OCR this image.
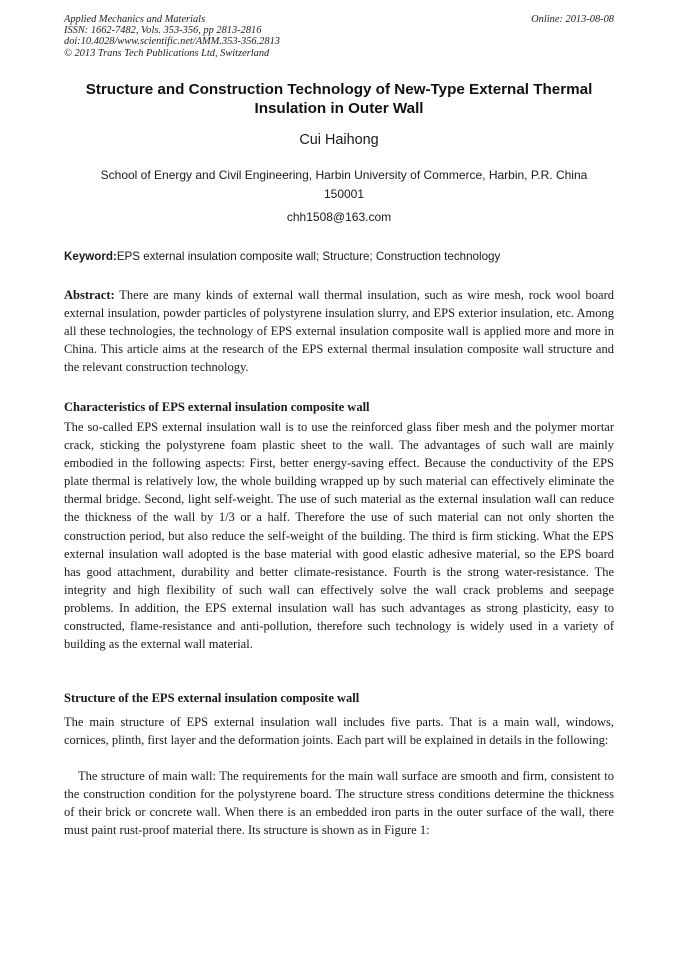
Applied Mechanics and Materials
ISSN: 1662-7482, Vols. 353-356, pp 2813-2816
doi:10.4028/www.scientific.net/AMM.353-356.2813
© 2013 Trans Tech Publications Ltd, Switzerland
Online: 2013-08-08
Structure and Construction Technology of New-Type External Thermal Insulation in Outer Wall
Cui Haihong
School of Energy and Civil Engineering, Harbin University of Commerce, Harbin, P.R. China 150001
chh1508@163.com
Keyword:EPS external insulation composite wall; Structure; Construction technology

Abstract: There are many kinds of external wall thermal insulation, such as wire mesh, rock wool board external insulation, powder particles of polystyrene insulation slurry, and EPS exterior insulation, etc. Among all these technologies, the technology of EPS external insulation composite wall is applied more and more in China. This article aims at the research of the EPS external thermal insulation composite wall structure and the relevant construction technology.

Characteristics of EPS external insulation composite wall

The so-called EPS external insulation wall is to use the reinforced glass fiber mesh and the polymer mortar crack, sticking the polystyrene foam plastic sheet to the wall. The advantages of such wall are mainly embodied in the following aspects: First, better energy-saving effect. Because the conductivity of the EPS plate thermal is relatively low, the whole building wrapped up by such material can effectively eliminate the thermal bridge. Second, light self-weight. The use of such material as the external insulation wall can reduce the thickness of the wall by 1/3 or a half. Therefore the use of such material can not only shorten the construction period, but also reduce the self-weight of the building. The third is firm sticking. What the EPS external insulation wall adopted is the base material with good elastic adhesive material, so the EPS board has good attachment, durability and better climate-resistance. Fourth is the strong water-resistance. The integrity and high flexibility of such wall can effectively solve the wall crack problems and seepage problems. In addition, the EPS external insulation wall has such advantages as strong plasticity, easy to constructed, flame-resistance and anti-pollution, therefore such technology is widely used in a variety of building as the external wall material.

Structure of the EPS external insulation composite wall

The main structure of EPS external insulation wall includes five parts. That is a main wall, windows, cornices, plinth, first layer and the deformation joints. Each part will be explained in details in the following:

The structure of main wall: The requirements for the main wall surface are smooth and firm, consistent to the construction condition for the polystyrene board. The structure stress conditions determine the thickness of their brick or concrete wall. When there is an embedded iron parts in the outer surface of the wall, there must paint rust-proof material there. Its structure is shown as in Figure 1:
